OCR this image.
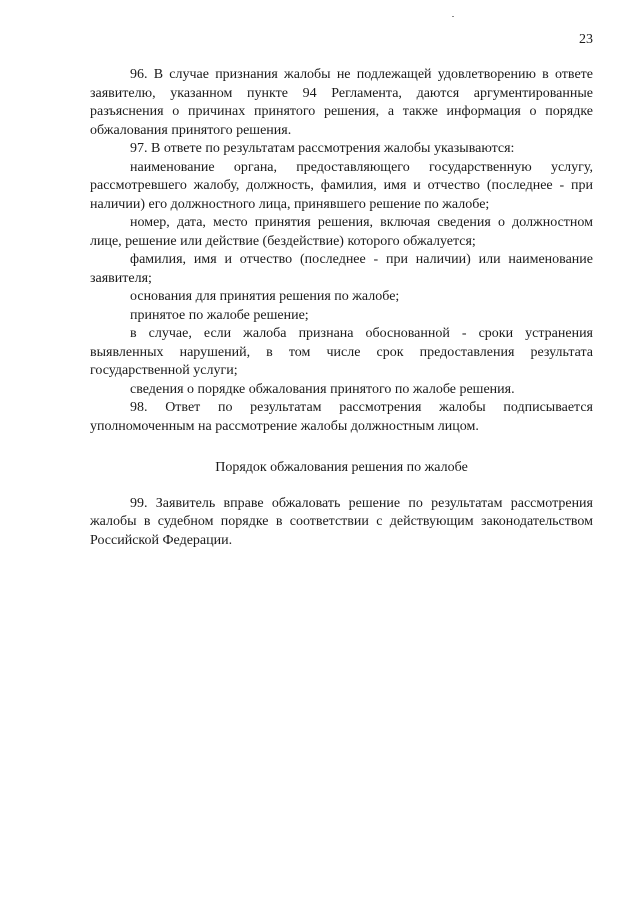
23

96. В случае признания жалобы не подлежащей удовлетворению в ответе заявителю, указанном пункте 94 Регламента, даются аргументированные разъяснения о причинах принятого решения, а также информация о порядке обжалования принятого решения.

97. В ответе по результатам рассмотрения жалобы указываются:

наименование органа, предоставляющего государственную услугу, рассмотревшего жалобу, должность, фамилия, имя и отчество (последнее - при наличии) его должностного лица, принявшего решение по жалобе;

номер, дата, место принятия решения, включая сведения о должностном лице, решение или действие (бездействие) которого обжалуется;

фамилия, имя и отчество (последнее - при наличии) или наименование заявителя;

основания для принятия решения по жалобе;

принятое по жалобе решение;

в случае, если жалоба признана обоснованной - сроки устранения выявленных нарушений, в том числе срок предоставления результата государственной услуги;

сведения о порядке обжалования принятого по жалобе решения.

98. Ответ по результатам рассмотрения жалобы подписывается уполномоченным на рассмотрение жалобы должностным лицом.

Порядок обжалования решения по жалобе

99. Заявитель вправе обжаловать решение по результатам рассмотрения жалобы в судебном порядке в соответствии с действующим законодательством Российской Федерации.
